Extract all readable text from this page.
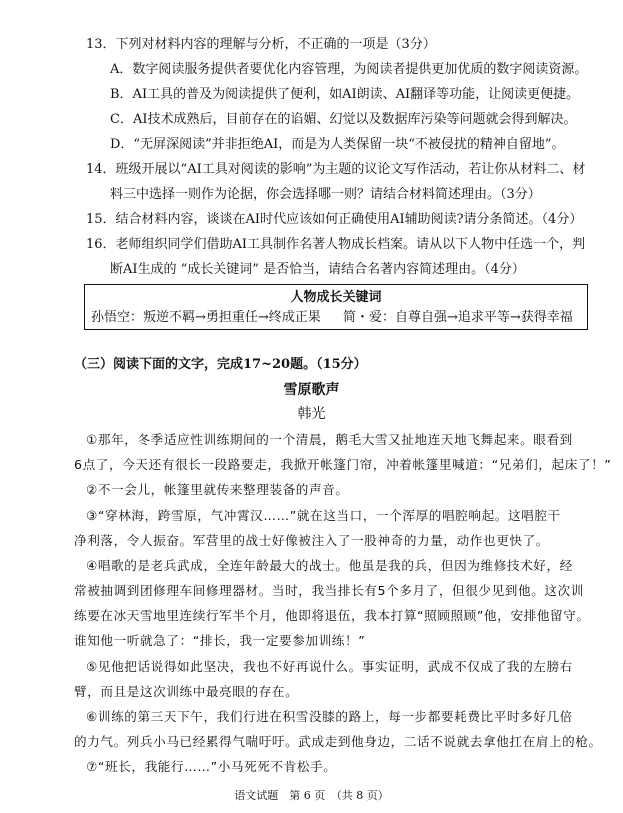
13．下列对材料内容的理解与分析，不正确的一项是（3分）
A．数字阅读服务提供者要优化内容管理，为阅读者提供更加优质的数字阅读资源。
B．AI工具的普及为阅读提供了便利，如AI朗读、AI翻译等功能，让阅读更便捷。
C．AI技术成熟后，目前存在的谄媚、幻觉以及数据库污染等问题就会得到解决。
D．“无屏深阅读”并非拒绝AI，而是为人类保留一块“不被侵扰的精神自留地”。
14．班级开展以“AI工具对阅读的影响”为主题的议论文写作活动，若让你从材料二、材
料三中选择一则作为论据，你会选择哪一则？请结合材料简述理由。（3分）
15．结合材料内容，谈谈在AI时代应该如何正确使用AI辅助阅读?请分条简述。（4分）
16．老师组织同学们借助AI工具制作名著人物成长档案。请从以下人物中任选一个，判
断AI生成的 “成长关键词” 是否恰当，请结合名著内容简述理由。（4分）
人物成长关键词
孙悟空：叛逆不羁→勇担重任→终成正果 简・爱：自尊自强→追求平等→获得幸福
（三）阅读下面的文字，完成17~20题。（15分）
雪原歌声
韩光
①那年，冬季适应性训练期间的一个清晨，鹅毛大雪又扯地连天地飞舞起来。眼看到
6点了，今天还有很长一段路要走，我掀开帐篷门帘，冲着帐篷里喊道：“兄弟们，起床了！”
②不一会儿，帐篷里就传来整理装备的声音。
③“穿林海，跨雪原，气冲霄汉……”就在这当口，一个浑厚的唱腔响起。这唱腔干
净利落，令人振奋。军营里的战士好像被注入了一股神奇的力量，动作也更快了。
④唱歌的是老兵武成，全连年龄最大的战士。他虽是我的兵，但因为维修技术好，经
常被抽调到团修理车间修理器材。当时，我当排长有5个多月了，但很少见到他。这次训
练要在冰天雪地里连续行军半个月，他即将退伍，我本打算“照顾照顾”他，安排他留守。
谁知他一听就急了：“排长，我一定要参加训练！”
⑤见他把话说得如此坚决，我也不好再说什么。事实证明，武成不仅成了我的左膀右
臂，而且是这次训练中最亮眼的存在。
⑥训练的第三天下午，我们行进在积雪没膝的路上，每一步都要耗费比平时多好几倍
的力气。列兵小马已经累得气喘吁吁。武成走到他身边，二话不说就去拿他扛在肩上的枪。
⑦“班长，我能行……”小马死死不肯松手。
语文试题　第 6 页　（共 8 页）
